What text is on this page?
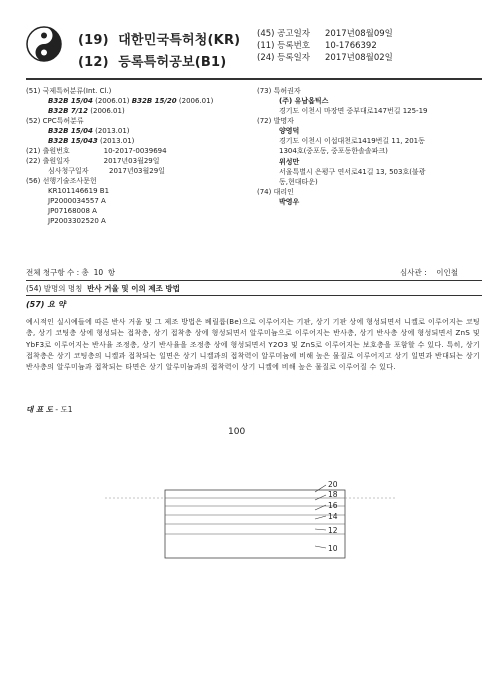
(19) 대한민국특허청(KR)
(12) 등록특허공보(B1)
(45) 공고일자	2017년08월09일
(11) 등록번호	10-1766392
(24) 등록일자	2017년08월02일
(51) 국제특허분류(Int. Cl.)
B32B 15/04 (2006.01) B32B 15/20 (2006.01)
B32B 7/12 (2006.01)
(52) CPC특허분류
B32B 15/04 (2013.01)
B32B 15/043 (2013.01)
(21)
출원번호	10-2017-0039694
(22)
출원일자	2017년03월29일
심사청구일자	2017년03월29일
(56) 선행기술조사문헌
KR101146619 B1
JP2000034557 A
JP07168008 A
JP2003302520 A
(73) 특허권자
(주) 유남옵틱스
경기도 이천시 마장면 중부대로147번길 125-19
(72) 발명자
양영덕
경기도 이천시 이섭대천로1419번길 11, 201동
1304호(중포동, 중포동한솔솔파크)
위성만
서울특별시 은평구 연서로41길 13, 503호(불광
동,현대타운)
(74) 대리인
박영우
전체 청구항 수 : 총 10 항	심사관 : 이인철
(54) 발명의 명칭 반사 거울 및 이의 제조 방법
(57) 요 약
예시적인 실시예들에 따른 반사 거울 및 그 제조 방법은 베릴륨(Be)으로 이루어지는 기판, 상기 기판 상에 형성되면서 니켈로 이루어지는 코팅층, 상기 코팅층 상에 형성되는 접착층, 상기 접착층 상에 형성되면서 알루미늄으로 이루어지는 반사층, 상기 반사층 상에 형성되면서 ZnS 및 YbF3로 이루어지는 반사율 조정층, 상기 반사율을 조정층 상에 형성되면서 Y2O3 및 ZnS로 이루어지는 보호층을 포함할 수 있다. 특히, 상기 접착층은 상기 코팅층의 니켈과 접착되는 일면은 상기 니켈과의 접착력이 알루미늄에 비해 높은 물질로 이루어지고 상기 일면과 반대되는 상기 반사층의 알루미늄과 접착되는 타면은 상기 알루미늄과의 접착력이 상기 니켈에 비해 높은 물질로 이루어질 수 있다.
대 표 도 - 도1
100
20
18
16
14
12
10
